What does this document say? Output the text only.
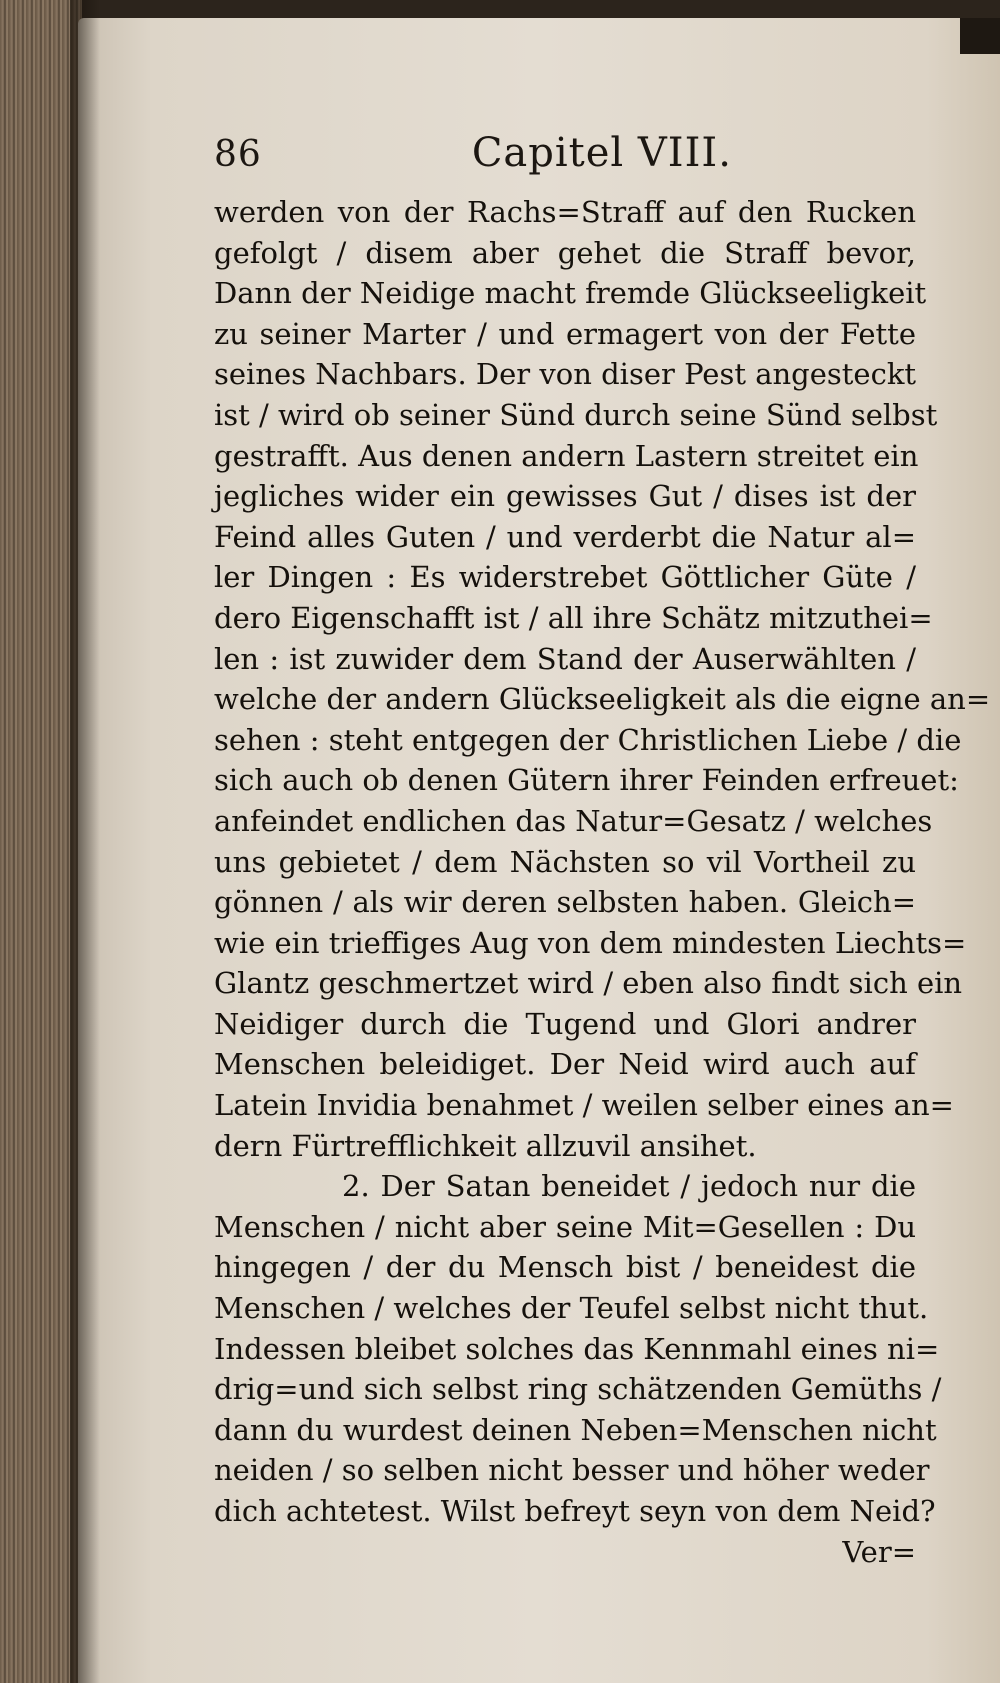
86	Capitel VIII.
werden von der Rachs=Straff auf den Rucken
gefolgt / disem aber gehet die Straff bevor,
Dann der Neidige macht fremde Glückseeligkeit
zu seiner Marter / und ermagert von der Fette
seines Nachbars. Der von diser Pest angesteckt
ist / wird ob seiner Sünd durch seine Sünd selbst
gestrafft. Aus denen andern Lastern streitet ein
jegliches wider ein gewisses Gut / dises ist der
Feind alles Guten / und verderbt die Natur al=
ler Dingen : Es widerstrebet Göttlicher Güte /
dero Eigenschafft ist / all ihre Schätz mitzuthei=
len : ist zuwider dem Stand der Auserwählten /
welche der andern Glückseeligkeit als die eigne an=
sehen : steht entgegen der Christlichen Liebe / die
sich auch ob denen Gütern ihrer Feinden erfreuet:
anfeindet endlichen das Natur=Gesatz / welches
uns gebietet / dem Nächsten so vil Vortheil zu
gönnen / als wir deren selbsten haben. Gleich=
wie ein trieffiges Aug von dem mindesten Liechts=
Glantz geschmertzet wird / eben also findt sich ein
Neidiger durch die Tugend und Glori andrer
Menschen beleidiget. Der Neid wird auch auf
Latein Invidia benahmet / weilen selber eines an=
dern Fürtrefflichkeit allzuvil ansihet.
2. Der Satan beneidet / jedoch nur die
Menschen / nicht aber seine Mit=Gesellen : Du
hingegen / der du Mensch bist / beneidest die
Menschen / welches der Teufel selbst nicht thut.
Indessen bleibet solches das Kennmahl eines ni=
drig=und sich selbst ring schätzenden Gemüths /
dann du wurdest deinen Neben=Menschen nicht
neiden / so selben nicht besser und höher weder
dich achtetest. Wilst befreyt seyn von dem Neid?
Ver=
